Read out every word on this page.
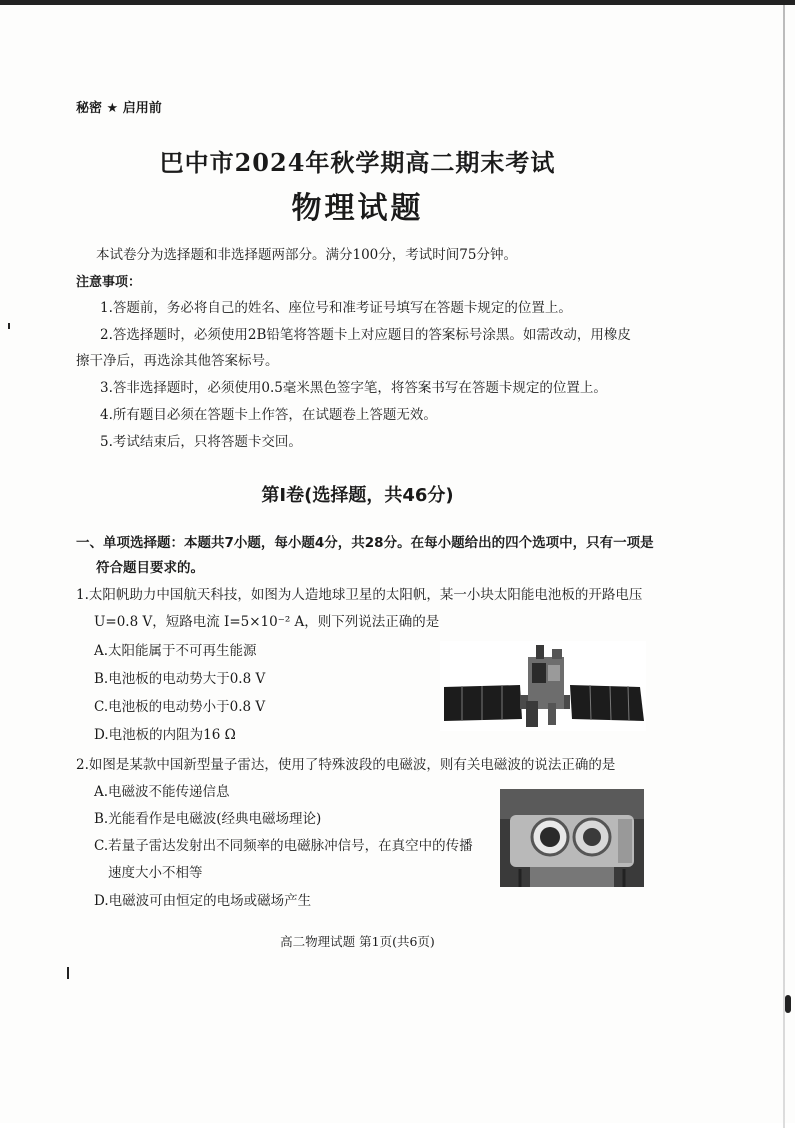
秘密 ★ 启用前
巴中市2024年秋学期高二期末考试
物理试题
本试卷分为选择题和非选择题两部分。满分100分，考试时间75分钟。
注意事项：
1.答题前，务必将自己的姓名、座位号和准考证号填写在答题卡规定的位置上。
2.答选择题时，必须使用2B铅笔将答题卡上对应题目的答案标号涂黑。如需改动，用橡皮
擦干净后，再选涂其他答案标号。
3.答非选择题时，必须使用0.5毫米黑色签字笔，将答案书写在答题卡规定的位置上。
4.所有题目必须在答题卡上作答，在试题卷上答题无效。
5.考试结束后，只将答题卡交回。
第Ⅰ卷(选择题，共46分)
一、单项选择题：本题共7小题，每小题4分，共28分。在每小题给出的四个选项中，只有一项是
符合题目要求的。
1.太阳帆助力中国航天科技，如图为人造地球卫星的太阳帆，某一小块太阳能电池板的开路电压
U=0.8 V，短路电流 I=5×10⁻² A，则下列说法正确的是
A.太阳能属于不可再生能源
B.电池板的电动势大于0.8 V
C.电池板的电动势小于0.8 V
D.电池板的内阻为16 Ω
2.如图是某款中国新型量子雷达，使用了特殊波段的电磁波，则有关电磁波的说法正确的是
A.电磁波不能传递信息
B.光能看作是电磁波(经典电磁场理论)
C.若量子雷达发射出不同频率的电磁脉冲信号，在真空中的传播
速度大小不相等
D.电磁波可由恒定的电场或磁场产生
高二物理试题 第1页(共6页)
